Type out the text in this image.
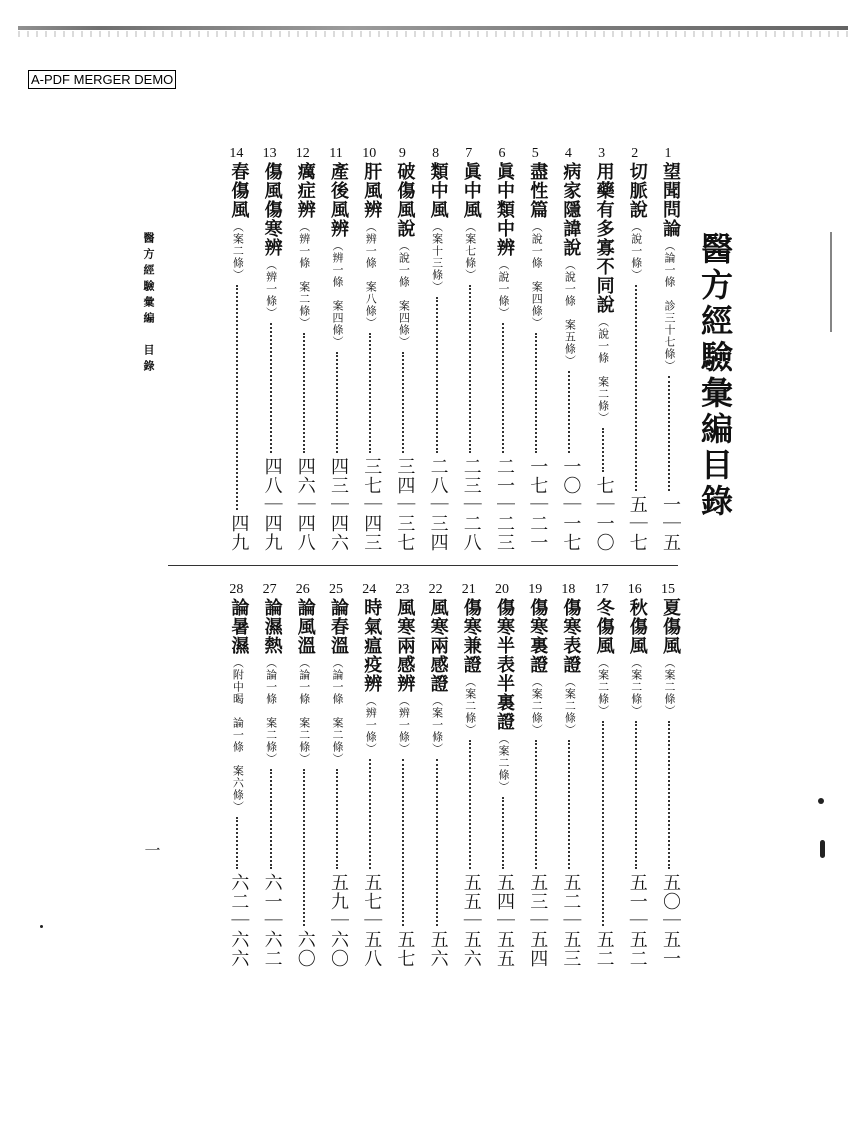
A-PDF MERGER DEMO
醫方經驗彙編目錄
1
望聞問論
（論一條　診三十七條）
一｜五
2
切脈說
（說一條）
五｜七
3
用藥有多寡不同說
（說一條　案二條）
七｜一〇
4
病家隱諱說
（說一條　案五條）
一〇｜一七
5
盡性篇
（說一條　案四條）
一七｜二一
6
眞中類中辨
（說一條）
二一｜二三
7
眞中風
（案七條）
二三｜二八
8
類中風
（案十三條）
二八｜三四
9
破傷風說
（說一條　案四條）
三四｜三七
10
肝風辨
（辨一條　案八條）
三七｜四三
11
產後風辨
（辨一條　案四條）
四三｜四六
12
癘症辨
（辨一條　案二條）
四六｜四八
13
傷風傷寒辨
（辨一條）
四八｜四九
14
春傷風
（案二條）
四九
15
夏傷風
（案二條）
五〇｜五一
16
秋傷風
（案二條）
五一｜五二
17
冬傷風
（案二條）
五二
18
傷寒表證
（案二條）
五二｜五三
19
傷寒裏證
（案二條）
五三｜五四
20
傷寒半表半裏證
（案二條）
五四｜五五
21
傷寒兼證
（案二條）
五五｜五六
22
風寒兩感證
（案一條）
五六
23
風寒兩感辨
（辨一條）
五七
24
時氣瘟疫辨
（辨一條）
五七｜五八
25
論春溫
（論一條　案二條）
五九｜六〇
26
論風溫
（論一條　案二條）
六〇
27
論濕熱
（論一條　案二條）
六一｜六二
28
論暑濕
（附中暍　論一條　案六條）
六二｜六六
醫方經驗彙編　目錄
一
